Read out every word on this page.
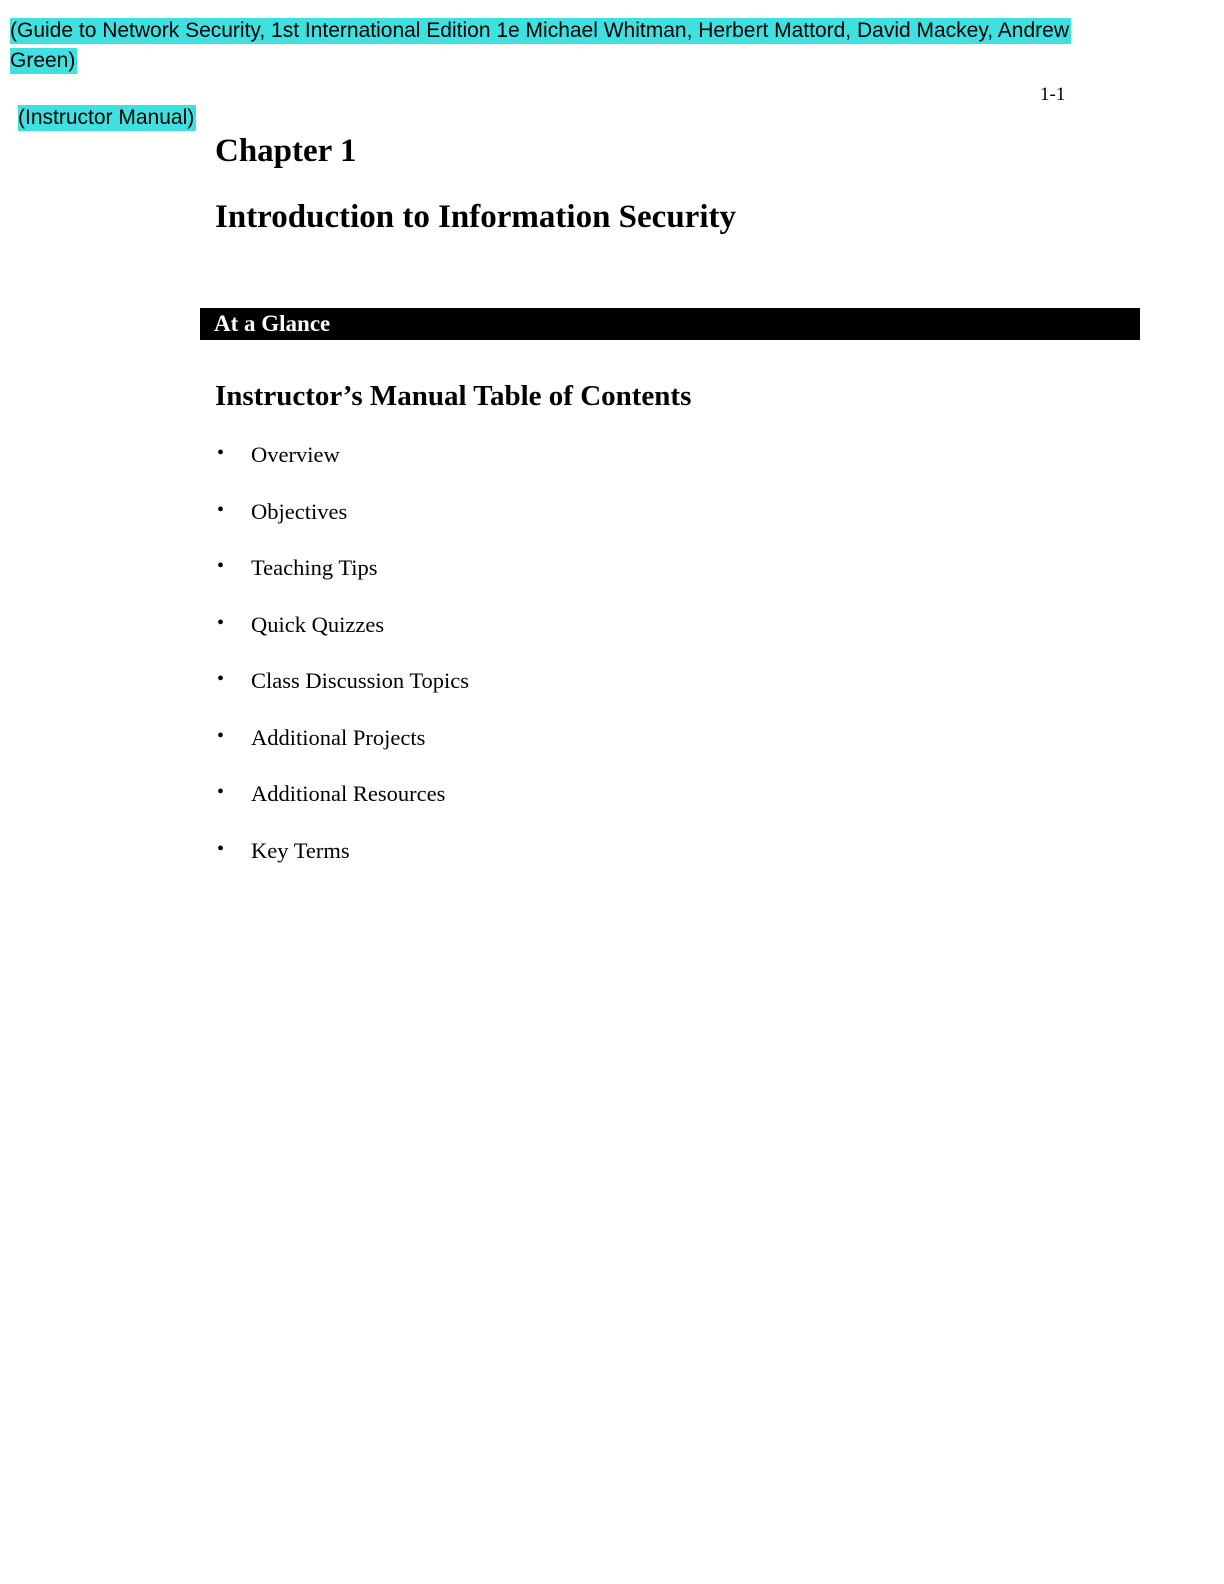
(Guide to Network Security, 1st International Edition 1e Michael Whitman, Herbert Mattord, David Mackey, Andrew Green)
1-1
(Instructor Manual)
Chapter 1
Introduction to Information Security
At a Glance
Instructor’s Manual Table of Contents
• Overview
• Objectives
• Teaching Tips
• Quick Quizzes
• Class Discussion Topics
• Additional Projects
• Additional Resources
• Key Terms
